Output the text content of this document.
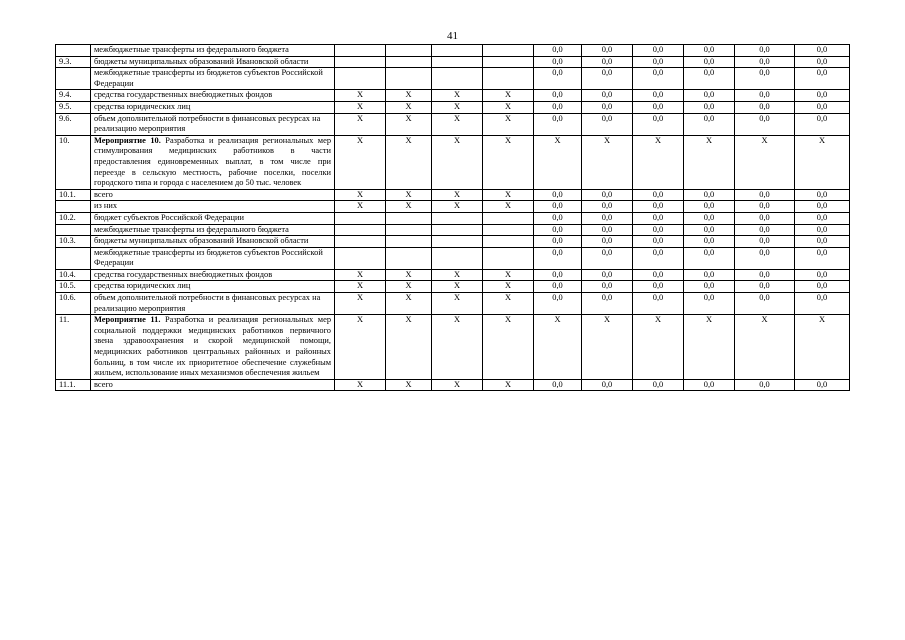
41
	межбюджетные трансферты из федерального бюджета					0,0	0,0	0,0	0,0	0,0	0,0
9.3.	бюджеты муниципальных образований Ивановской области					0,0	0,0	0,0	0,0	0,0	0,0
	межбюджетные трансферты из бюджетов субъектов Российской Федерации					0,0	0,0	0,0	0,0	0,0	0,0
9.4.	средства государственных внебюджетных фондов	Х	Х	Х	Х	0,0	0,0	0,0	0,0	0,0	0,0
9.5.	средства юридических лиц	Х	Х	Х	Х	0,0	0,0	0,0	0,0	0,0	0,0
9.6.	объем дополнительной потребности в финансовых ресурсах на реализацию мероприятия	Х	Х	Х	Х	0,0	0,0	0,0	0,0	0,0	0,0
10.	Мероприятие 10. Разработка и реализация региональных мер стимулирования медицинских работников в части предоставления единовременных выплат, в том числе при переезде в сельскую местность, рабочие поселки, поселки городского типа и города с населением до 50 тыс. человек	Х	Х	Х	Х	Х	Х	Х	Х	Х	Х
10.1.	всего	Х	Х	Х	Х	0,0	0,0	0,0	0,0	0,0	0,0
	из них	Х	Х	Х	Х	0,0	0,0	0,0	0,0	0,0	0,0
10.2.	бюджет субъектов Российской Федерации					0,0	0,0	0,0	0,0	0,0	0,0
	межбюджетные трансферты из федерального бюджета					0,0	0,0	0,0	0,0	0,0	0,0
10.3.	бюджеты муниципальных образований Ивановской области					0,0	0,0	0,0	0,0	0,0	0,0
	межбюджетные трансферты из бюджетов субъектов Российской Федерации					0,0	0,0	0,0	0,0	0,0	0,0
10.4.	средства государственных внебюджетных фондов	Х	Х	Х	Х	0,0	0,0	0,0	0,0	0,0	0,0
10.5.	средства юридических лиц	Х	Х	Х	Х	0,0	0,0	0,0	0,0	0,0	0,0
10.6.	объем дополнительной потребности в финансовых ресурсах на реализацию мероприятия	Х	Х	Х	Х	0,0	0,0	0,0	0,0	0,0	0,0
11.	Мероприятие 11. Разработка и реализация региональных мер социальной поддержки медицинских работников первичного звена здравоохранения и скорой медицинской помощи, медицинских работников центральных районных и районных больниц, в том числе их приоритетное обеспечение служебным жильем, использование иных механизмов обеспечения жильем	Х	Х	Х	Х	Х	Х	Х	Х	Х	Х
11.1.	всего	Х	Х	Х	Х	0,0	0,0	0,0	0,0	0,0	0,0
